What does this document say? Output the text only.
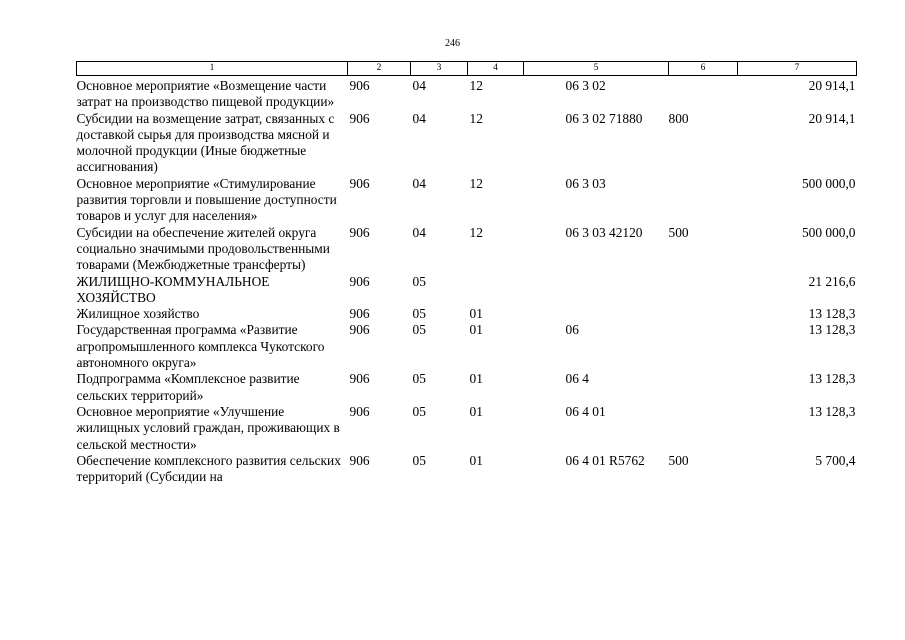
246
1	2	3	4	5	6	7
Основное мероприятие «Возмещение части затрат на производство пищевой продукции»	906	04	12	06 3 02		20 914,1
Субсидии на возмещение затрат, связанных с доставкой сырья для производства мясной и молочной продукции (Иные бюджетные ассигнования)	906	04	12	06 3 02 71880	800	20 914,1
Основное мероприятие «Стимулирование развития торговли и повышение доступности товаров и услуг для населения»	906	04	12	06 3 03		500 000,0
Субсидии на обеспечение жителей округа социально значимыми продовольственными товарами (Межбюджетные трансферты)	906	04	12	06 3 03 42120	500	500 000,0
ЖИЛИЩНО-КОММУНАЛЬНОЕ ХОЗЯЙСТВО	906	05				21 216,6
Жилищное хозяйство	906	05	01			13 128,3
Государственная программа «Развитие агропромышленного комплекса Чукотского автономного округа»	906	05	01	06		13 128,3
Подпрограмма «Комплексное развитие сельских территорий»	906	05	01	06 4		13 128,3
Основное мероприятие «Улучшение жилищных условий граждан, проживающих в сельской местности»	906	05	01	06 4 01		13 128,3
Обеспечение комплексного развития сельских территорий (Субсидии на	906	05	01	06 4 01 R5762	500	5 700,4
